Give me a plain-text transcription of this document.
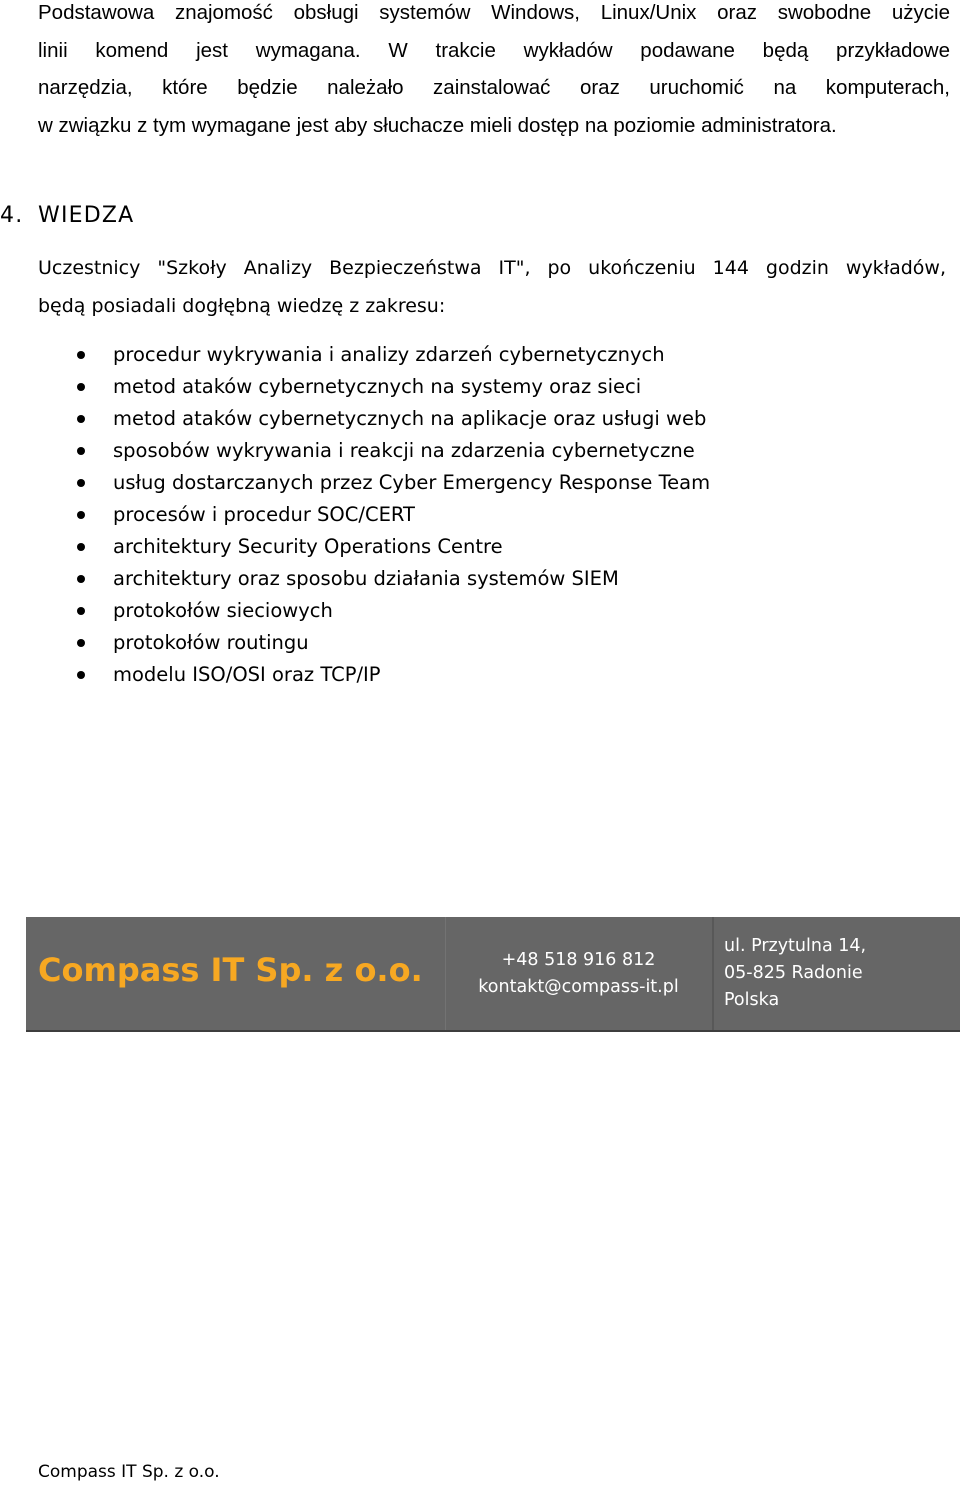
Podstawowa znajomość obsługi systemów Windows, Linux/Unix oraz swobodne użycie
linii komend jest wymagana. W trakcie wykładów podawane będą przykładowe
narzędzia, które będzie należało zainstalować oraz uruchomić na komputerach,
w związku z tym wymagane jest aby słuchacze mieli dostęp na poziomie administratora.
4. WIEDZA
Uczestnicy "Szkoły Analizy Bezpieczeństwa IT", po ukończeniu 144 godzin wykładów,
będą posiadali dogłębną wiedzę z zakresu:
procedur wykrywania i analizy zdarzeń cybernetycznych
metod ataków cybernetycznych na systemy oraz sieci
metod ataków cybernetycznych na aplikacje oraz usługi web
sposobów wykrywania i reakcji na zdarzenia cybernetyczne
usług dostarczanych przez Cyber Emergency Response Team
procesów i procedur SOC/CERT
architektury Security Operations Centre
architektury oraz sposobu działania systemów SIEM
protokołów sieciowych
protokołów routingu
modelu ISO/OSI oraz TCP/IP

Compass IT Sp. z o.o.	+48 518 916 812
kontakt@compass-it.pl
ul. Przytulna 14,
05-825 Radonie
Polska

Compass IT Sp. z o.o.
